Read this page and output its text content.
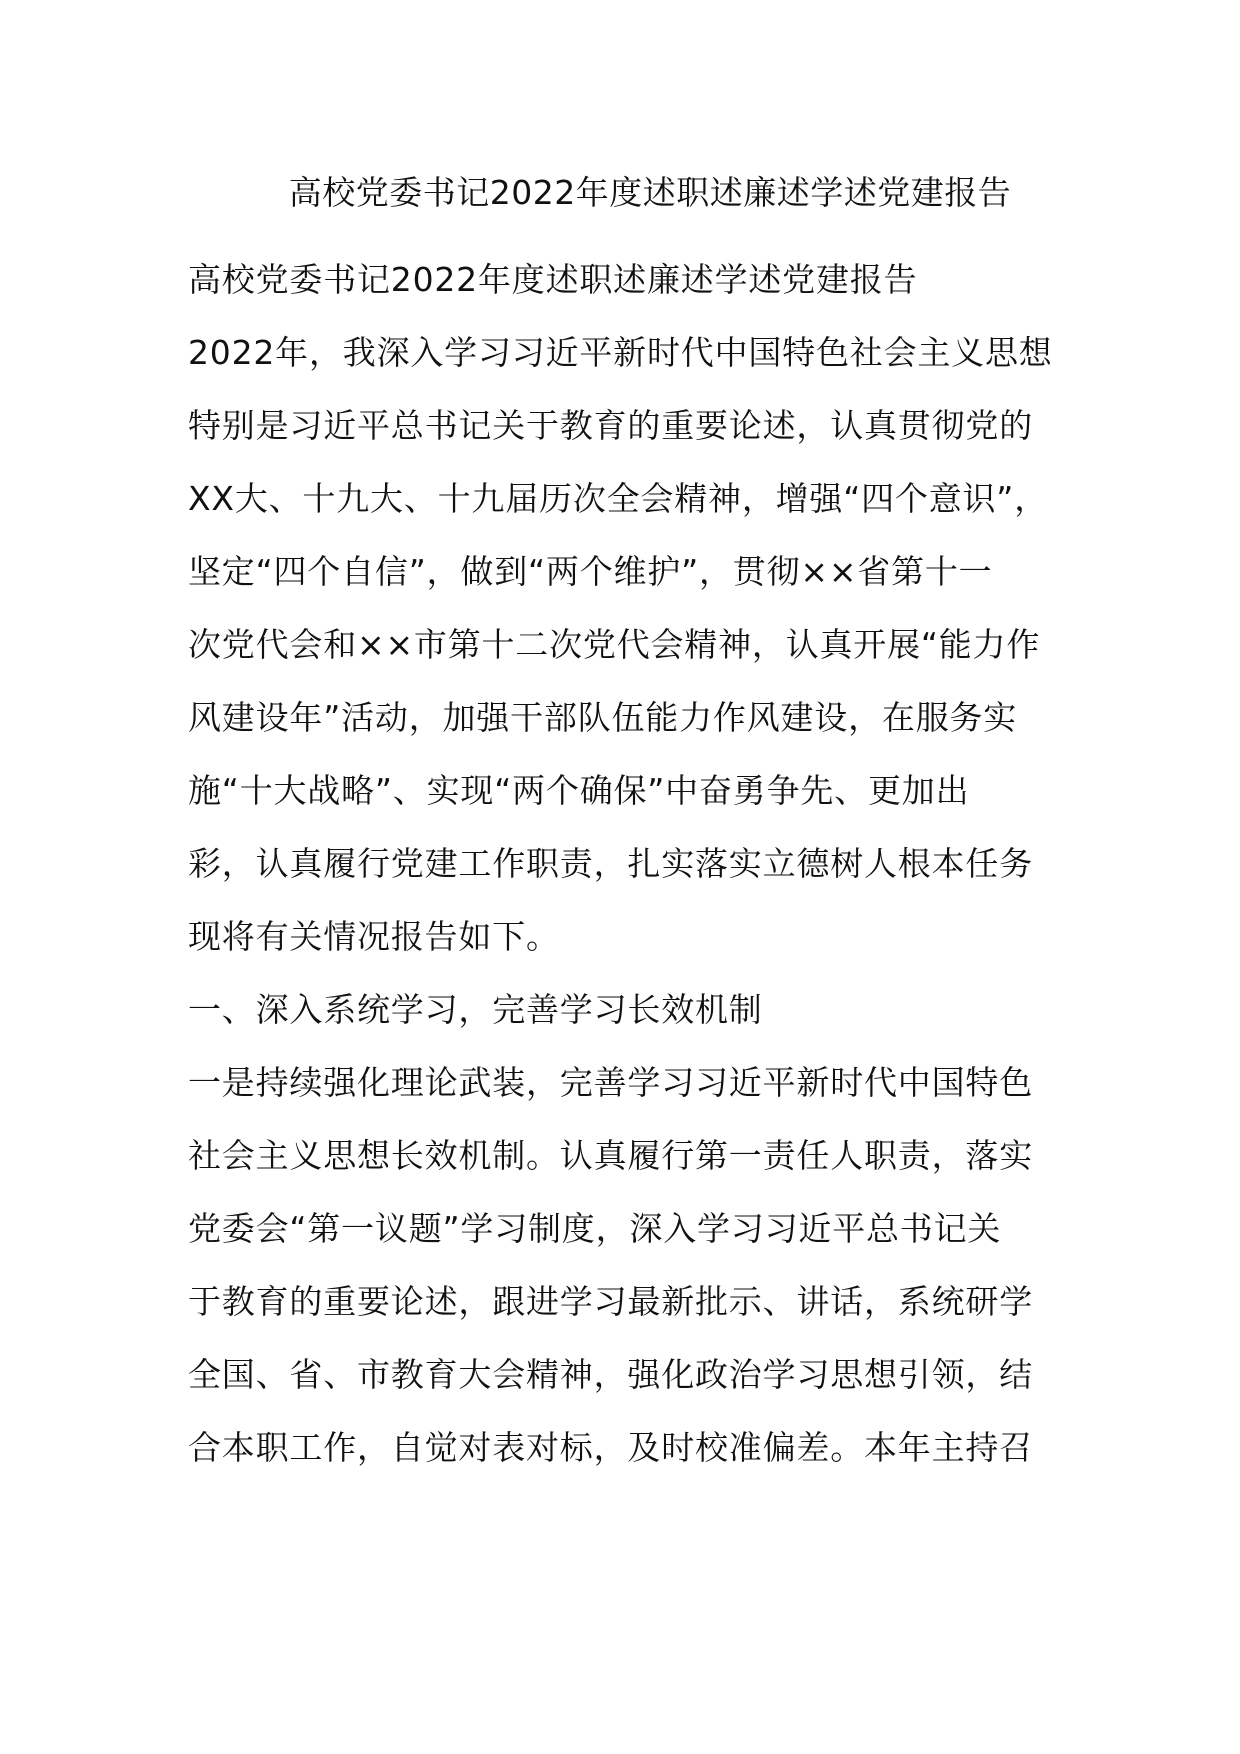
高校党委书记2022年度述职述廉述学述党建报告

高校党委书记2022年度述职述廉述学述党建报告

2022年，我深入学习习近平新时代中国特色社会主义思想
特别是习近平总书记关于教育的重要论述，认真贯彻党的
XX大、十九大、十九届历次全会精神，增强“四个意识”，
坚定“四个自信”，做到“两个维护”，贯彻××省第十一
次党代会和××市第十二次党代会精神，认真开展“能力作
风建设年”活动，加强干部队伍能力作风建设，在服务实
施“十大战略”、实现“两个确保”中奋勇争先、更加出
彩，认真履行党建工作职责，扎实落实立德树人根本任务
现将有关情况报告如下。

一、深入系统学习，完善学习长效机制

一是持续强化理论武装，完善学习习近平新时代中国特色
社会主义思想长效机制。认真履行第一责任人职责，落实
党委会“第一议题”学习制度，深入学习习近平总书记关
于教育的重要论述，跟进学习最新批示、讲话，系统研学
全国、省、市教育大会精神，强化政治学习思想引领，结
合本职工作，自觉对表对标，及时校准偏差。本年主持召
